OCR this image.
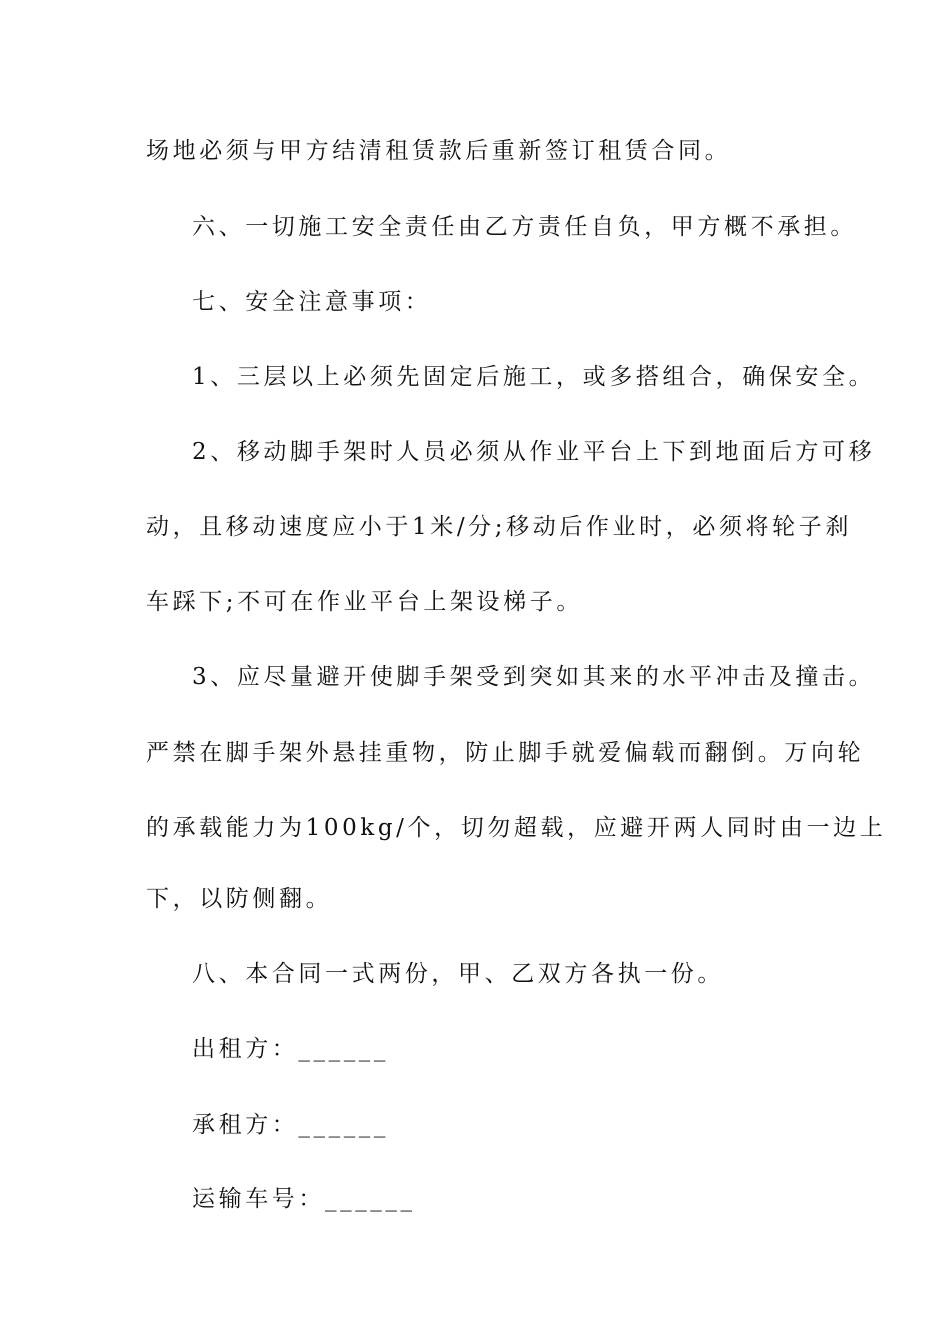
场地必须与甲方结清租赁款后重新签订租赁合同。
六、一切施工安全责任由乙方责任自负，甲方概不承担。
七、安全注意事项：
1、三层以上必须先固定后施工，或多搭组合，确保安全。
2、移动脚手架时人员必须从作业平台上下到地面后方可移
动，且移动速度应小于1米/分;移动后作业时，必须将轮子刹
车踩下;不可在作业平台上架设梯子。
3、应尽量避开使脚手架受到突如其来的水平冲击及撞击。
严禁在脚手架外悬挂重物，防止脚手就爱偏载而翻倒。万向轮
的承载能力为100kg/个，切勿超载，应避开两人同时由一边上
下，以防侧翻。
八、本合同一式两份，甲、乙双方各执一份。
出租方：______
承租方：______
运输车号：______
